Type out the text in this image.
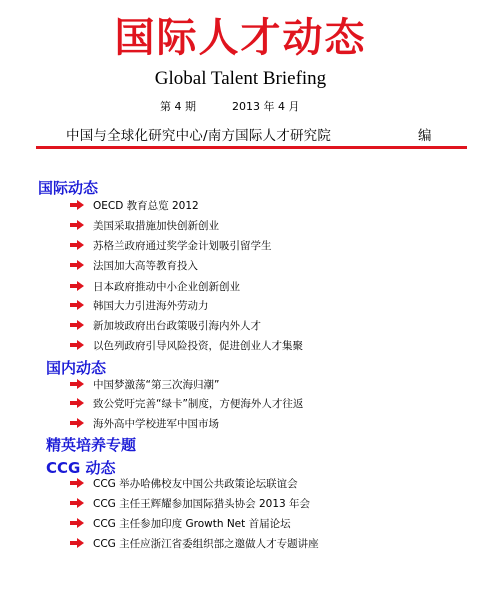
国际人才动态
Global Talent Briefing
第 4 期	2013 年 4 月
中国与全球化研究中心/南方国际人才研究院	编
国际动态
国内动态
精英培养专题
CCG 动态
OECD 教育总览 2012
美国采取措施加快创新创业
苏格兰政府通过奖学金计划吸引留学生
法国加大高等教育投入
日本政府推动中小企业创新创业
韩国大力引进海外劳动力
新加坡政府出台政策吸引海内外人才
以色列政府引导风险投资，促进创业人才集聚
中国梦激荡“第三次海归潮”
致公党吁完善“绿卡”制度，方便海外人才往返
海外高中学校进军中国市场
CCG 举办哈佛校友中国公共政策论坛联谊会
CCG 主任王辉耀参加国际猎头协会 2013 年会
CCG 主任参加印度 Growth Net 首届论坛
CCG 主任应浙江省委组织部之邀做人才专题讲座
